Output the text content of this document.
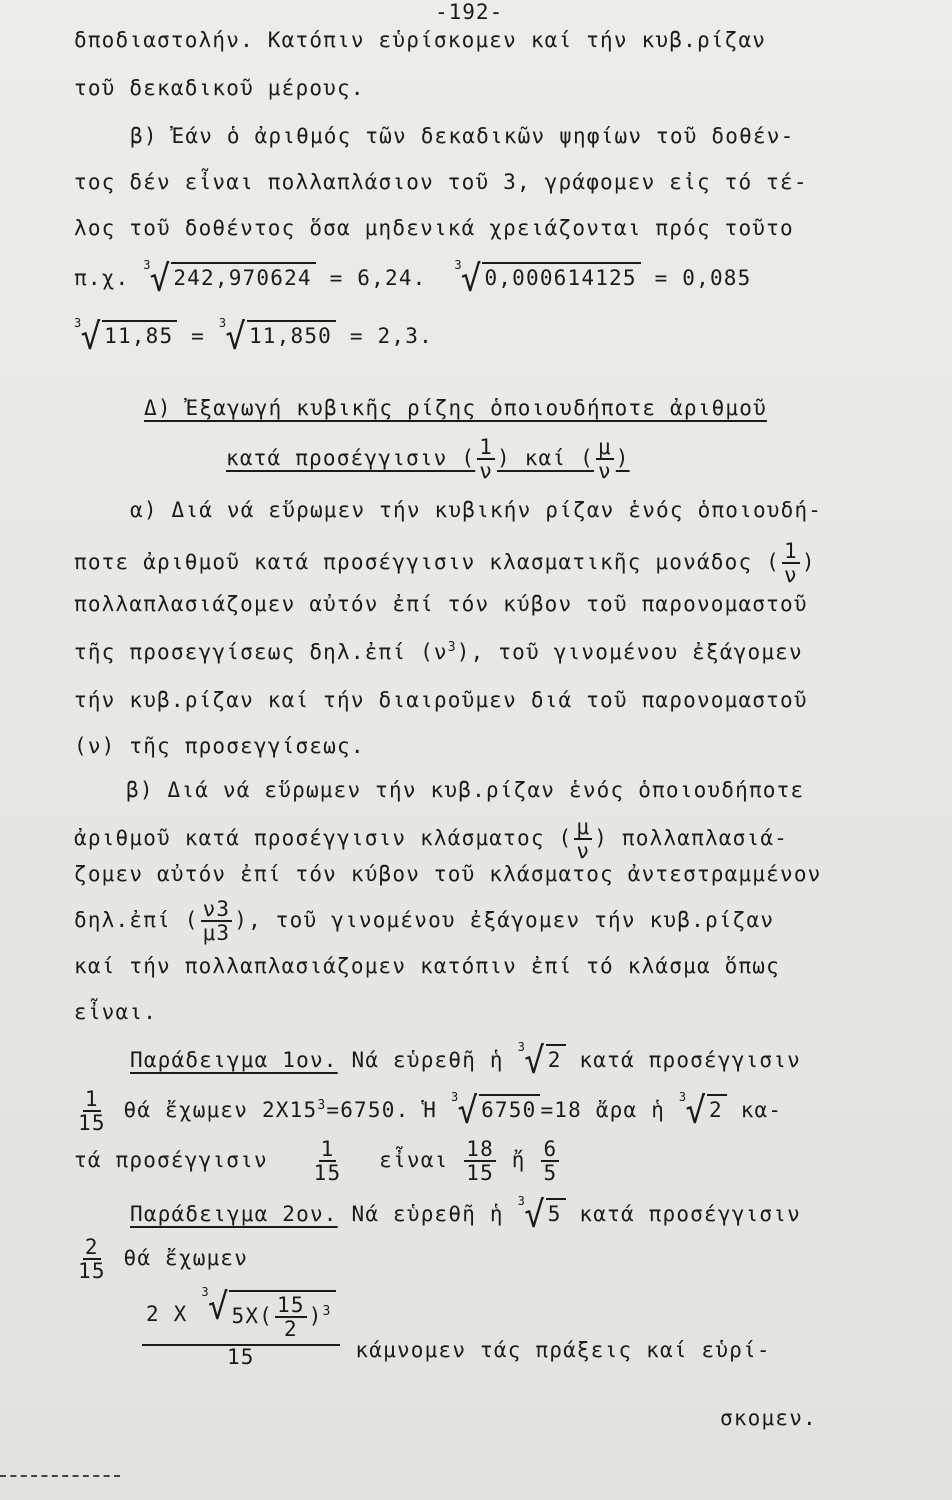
-192-
δποδιαστολήν. Κατόπιν εὑρίσκομεν καί τήν κυβ.ρίζαν
τοῦ δεκαδικοῦ μέρους.
β) Ἐάν ὁ ἀριθμός τῶν δεκαδικῶν ψηφίων τοῦ δοθέν-
τος δέν εἶναι πολλαπλάσιον τοῦ 3, γράφομεν εἰς τό τέ-
λος τοῦ δοθέντος ὅσα μηδενικά χρειάζονται πρός τοῦτο
π.χ.
3
√ 242,970624 = 6,24.
3
√ 0,000614125 = 0,085
3
√ 11,85 =
3
√ 11,850 = 2,3.
Δ) Ἐξαγωγή κυβικῆς ρίζης ὁποιουδήποτε ἀριθμοῦ
κατά προσέγγισιν ( $\frac{1}{\nu}$ ) καί ( $\frac{\mu}{\nu}$ )
α) Διά νά εὕρωμεν τήν κυβικήν ρίζαν ἑνός ὁποιουδή-
ποτε ἀριθμοῦ κατά προσέγγισιν κλασματικῆς μονάδος ( $\frac{1}{\nu}$ )
πολλαπλασιάζομεν αὐτόν ἐπί τόν κύβον τοῦ παρονομαστοῦ
τῆς προσεγγίσεως δηλ.ἐπί $(\nu^3)$, τοῦ γινομένου ἐξάγομεν
τήν κυβ.ρίζαν καί τήν διαιροῦμεν διά τοῦ παρονομαστοῦ
(ν) τῆς προσεγγίσεως.
β) Διά νά εὕρωμεν τήν κυβ.ρίζαν ἑνός ὁποιουδήποτε
ἀριθμοῦ κατά προσέγγισιν κλάσματος ( $\frac{\mu}{\nu}$ ) πολλαπλασιά-
ζομεν αὐτόν ἐπί τόν κύβον τοῦ κλάσματος ἀντεστραμμένον
δηλ.ἐπί ( $\frac{\nu 3}{\mu 3}$ ), τοῦ γινομένου ἐξάγομεν τήν κυβ.ρίζαν
καί τήν πολλαπλασιάζομεν κατόπιν ἐπί τό κλάσμα ὅπως
εἶναι.
Παράδειγμα 1ον. Νά εὑρεθῆ ἡ
3
√ 2 κατά προσέγγισιν
$\frac{1}{15}$ θά ἔχωμεν $2X15^3=6750$. Ἡ
3
√ 6750 =18 ἄρα ἡ
3
√ 2 κα-
τά προσέγγισιν $\frac{1}{15}$ εἶναι $\frac{18}{15}$ ἤ $\frac{6}{5}$
Παράδειγμα 2ον. Νά εὑρεθῆ ἡ
3
√ 5 κατά προσέγγισιν
$\frac{2}{15}$ θά ἔχωμεν
2 Χ
3
√ $5X( \frac{15}{2} )^3$
15 κάμνομεν τάς πράξεις καί εὑρί-
σκομεν.
